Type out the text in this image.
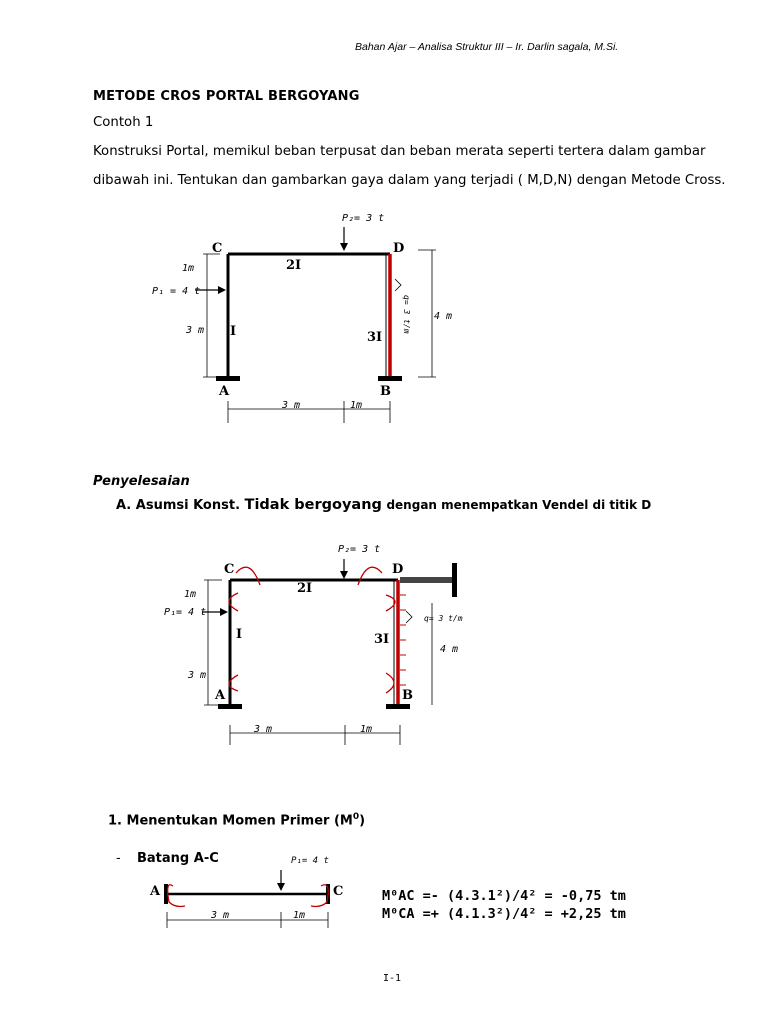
Bahan Ajar – Analisa Struktur III – Ir. Darlin sagala, M.Si.
METODE CROS PORTAL BERGOYANG
Contoh 1
Konstruksi Portal, memikul beban terpusat dan beban merata seperti tertera dalam gambar
dibawah ini. Tentukan dan gambarkan gaya dalam yang terjadi ( M,D,N) dengan Metode Cross.
P₂= 3 t
C	D
A	B
2I
I	3I
1m
3 m
P₁ = 4 t
q= 3 t/m 4 m
3 m	1m
Penyelesaian
A. Asumsi Konst. Tidak bergoyang dengan menempatkan Vendel di titik D
P₂= 3 t
C	D
A	B
2I
I	3I
1m
3 m
P₁= 4 t
q= 3 t/m
4 m
3 m	1m
1. Menentukan Momen Primer $(M^0)$
- Batang A-C	P₁= 4 t
A	C
3 m	1m
M⁰AC =- (4.3.1²)/4² = -0,75 tm
M⁰CA =+ (4.1.3²)/4² = +2,25 tm
I-1
